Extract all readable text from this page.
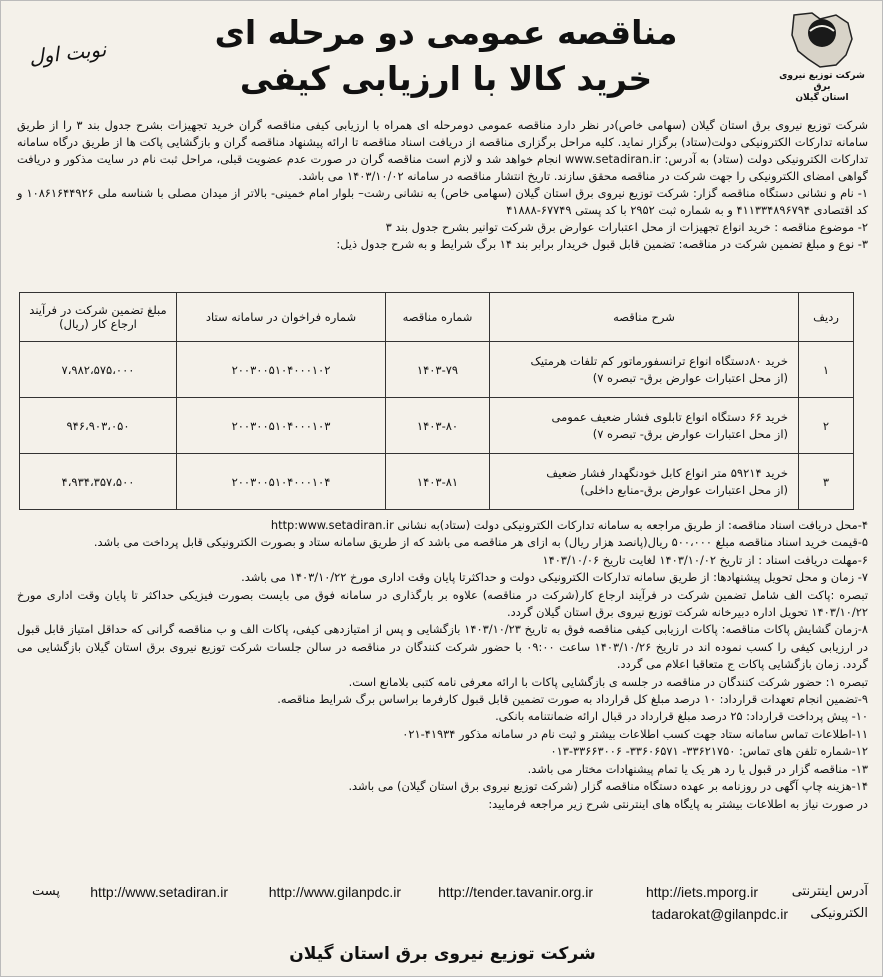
شرکت توزیع نیروی برق
استان گیلان
مناقصه عمومی دو مرحله ای
خرید کالا با ارزیابی کیفی
نوبت اول

شرکت توزیع نیروی برق استان گیلان (سهامی خاص)در نظر دارد مناقصه عمومی دومرحله ای همراه با ارزیابی کیفی مناقصه گران خرید تجهیزات بشرح جدول بند ۳ را از طریق سامانه تدارکات الکترونیکی دولت(ستاد) برگزار نماید. کلیه مراحل برگزاری مناقصه از دریافت اسناد مناقصه تا ارائه پیشنهاد مناقصه گران و بازگشایی پاکت ها از طریق درگاه سامانه تدارکات الکترونیکی دولت (ستاد) به آدرس: www.setadiran.ir انجام خواهد شد و لازم است مناقصه گران در صورت عدم عضویت قبلی، مراحل ثبت نام در سایت مذکور و دریافت گواهی امضای الکترونیکی را جهت شرکت در مناقصه محقق سازند. تاریخ انتشار مناقصه در سامانه ۱۴۰۳/۱۰/۰۲ می باشد.

۱- نام و نشانی دستگاه مناقصه گزار: شرکت توزیع نیروی برق استان گیلان (سهامی خاص) به نشانی رشت– بلوار امام خمینی- بالاتر از میدان مصلی با شناسه ملی ۱۰۸۶۱۶۴۴۹۲۶ و کد اقتصادی ۴۱۱۳۳۴۸۹۶۷۹۴ و به شماره ثبت ۲۹۵۲ با کد پستی ۶۷۷۴۹-۴۱۸۸۸

۲- موضوع مناقصه : خرید انواع تجهیزات از محل اعتبارات عوارض برق شرکت توانیر بشرح جدول بند ۳

۳- نوع و مبلغ تضمین شرکت در مناقصه: تضمین قابل قبول خریدار برابر بند ۱۴ برگ شرایط و به شرح جدول ذیل:

ردیف	شرح مناقصه	شماره مناقصه	شماره فراخوان در سامانه ستاد	مبلغ تضمین شرکت در فرآیند ارجاع کار (ریال)
۱	خرید ۸۰دستگاه انواع ترانسفورماتور کم تلفات هرمتیک
(از محل اعتبارات عوارض برق- تبصره ۷)	۱۴۰۳-۷۹	۲۰۰۳۰۰۵۱۰۴۰۰۰۱۰۲	۷،۹۸۲،۵۷۵،۰۰۰
۲	خرید ۶۶ دستگاه انواع تابلوی فشار ضعیف عمومی
(از محل اعتبارات عوارض برق- تبصره ۷)	۱۴۰۳-۸۰	۲۰۰۳۰۰۵۱۰۴۰۰۰۱۰۳	۹۴۶،۹۰۳،۰۵۰
۳	خرید ۵۹۲۱۴ متر انواع کابل خودنگهدار فشار ضعیف
(از محل اعتبارات عوارض برق-منابع داخلی)	۱۴۰۳-۸۱	۲۰۰۳۰۰۵۱۰۴۰۰۰۱۰۴	۴،۹۳۴،۳۵۷،۵۰۰

۴-محل دریافت اسناد مناقصه: از طریق مراجعه به سامانه تدارکات الکترونیکی دولت (ستاد)به نشانی http:www.setadiran.ir

۵-قیمت خرید اسناد مناقصه مبلغ ۵۰۰،۰۰۰ ریال(پانصد هزار ریال) به ازای هر مناقصه می باشد که از طریق سامانه ستاد و بصورت الکترونیکی قابل پرداخت می باشد.

۶-مهلت دریافت اسناد : از تاریخ ۱۴۰۳/۱۰/۰۲ لغایت تاریخ ۱۴۰۳/۱۰/۰۶

۷- زمان و محل تحویل پیشنهادها: از طریق سامانه تدارکات الکترونیکی دولت و حداکثرتا پایان وقت اداری مورخ ۱۴۰۳/۱۰/۲۲ می باشد.

تبصره :پاکت الف شامل تضمین شرکت در فرآیند ارجاع کار(شرکت در مناقصه) علاوه بر بارگذاری در سامانه فوق می بایست بصورت فیزیکی حداکثر تا پایان وقت اداری مورخ ۱۴۰۳/۱۰/۲۲ تحویل اداره دبیرخانه شرکت توزیع نیروی برق استان گیلان گردد.

۸-زمان گشایش پاکات مناقصه: پاکات ارزیابی کیفی مناقصه فوق به تاریخ ۱۴۰۳/۱۰/۲۳ بازگشایی و پس از امتیازدهی کیفی، پاکات الف و ب مناقصه گرانی که حداقل امتیاز قابل قبول در ارزیابی کیفی را کسب نموده اند در تاریخ ۱۴۰۳/۱۰/۲۶ ساعت ۰۹:۰۰ با حضور شرکت کنندگان در مناقصه در سالن جلسات شرکت توزیع نیروی برق استان گیلان بازگشایی می گردد. زمان بازگشایی پاکات ج متعاقبا اعلام می گردد.

تبصره ۱: حضور شرکت کنندگان در مناقصه در جلسه ی بازگشایی پاکات با ارائه معرفی نامه کتبی بلامانع است.

۹-تضمین انجام تعهدات قرارداد: ۱۰ درصد مبلغ کل قرارداد به صورت تضمین قابل قبول کارفرما براساس برگ شرایط مناقصه.

۱۰- پیش پرداخت قرارداد: ۲۵ درصد مبلغ قرارداد در قبال ارائه ضمانتنامه بانکی.

۱۱-اطلاعات تماس سامانه ستاد جهت کسب اطلاعات بیشتر و ثبت نام در سامانه مذکور ۴۱۹۳۴-۰۲۱

۱۲-شماره تلفن های تماس: ۳۳۶۲۱۷۵۰- ۳۳۶۰۶۵۷۱- ۳۳۶۶۳۰۰۶-۰۱۳

۱۳- مناقصه گزار در قبول یا رد هر یک یا تمام پیشنهادات مختار می باشد.

۱۴-هزینه چاپ آگهی در روزنامه بر عهده دستگاه مناقصه گزار (شرکت توزیع نیروی برق استان گیلان) می باشد.

در صورت نیاز به اطلاعات بیشتر به پایگاه های اینترنتی شرح زیر مراجعه فرمایید:

آدرس اینترنتی
http://iets.mporg.ir
http://tender.tavanir.org.ir
http://www.gilanpdc.ir
http://www.setadiran.ir
پست
الکترونیکی
tadarokat@gilanpdc.ir
شرکت توزیع نیروی برق استان گیلان
